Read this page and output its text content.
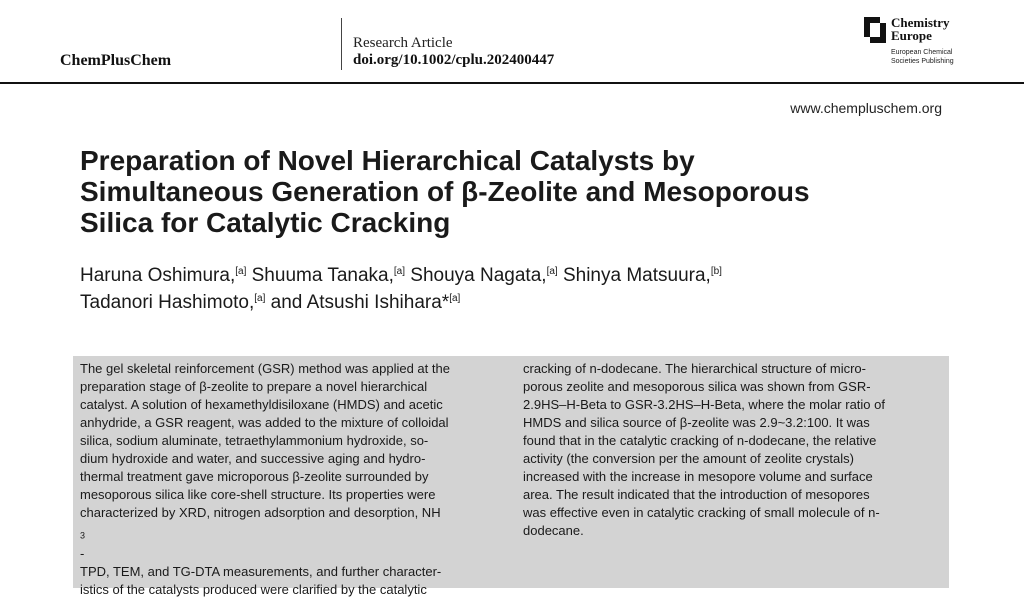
ChemPlusChem
Research Article
doi.org/10.1002/cplu.202400447
Chemistry
Europe
European Chemical
Societies Publishing
www.chempluschem.org
Preparation of Novel Hierarchical Catalysts by
Simultaneous Generation of β-Zeolite and Mesoporous
Silica for Catalytic Cracking
Haruna Oshimura,[a] Shuuma Tanaka,[a] Shouya Nagata,[a] Shinya Matsuura,[b]
Tadanori Hashimoto,[a] and Atsushi Ishihara*[a]
The gel skeletal reinforcement (GSR) method was applied at the
preparation stage of β-zeolite to prepare a novel hierarchical
catalyst. A solution of hexamethyldisiloxane (HMDS) and acetic
anhydride, a GSR reagent, was added to the mixture of colloidal
silica, sodium aluminate, tetraethylammonium hydroxide, so-
dium hydroxide and water, and successive aging and hydro-
thermal treatment gave microporous β-zeolite surrounded by
mesoporous silica like core-shell structure. Its properties were
characterized by XRD, nitrogen adsorption and desorption, NH
$_3$
-
TPD, TEM, and TG-DTA measurements, and further character-
istics of the catalysts produced were clarified by the catalytic
cracking of n-dodecane. The hierarchical structure of micro-
porous zeolite and mesoporous silica was shown from GSR-
2.9HS–H-Beta to GSR-3.2HS–H-Beta, where the molar ratio of
HMDS and silica source of β-zeolite was 2.9~3.2:100. It was
found that in the catalytic cracking of n-dodecane, the relative
activity (the conversion per the amount of zeolite crystals)
increased with the increase in mesopore volume and surface
area. The result indicated that the introduction of mesopores
was effective even in catalytic cracking of small molecule of n-
dodecane.
